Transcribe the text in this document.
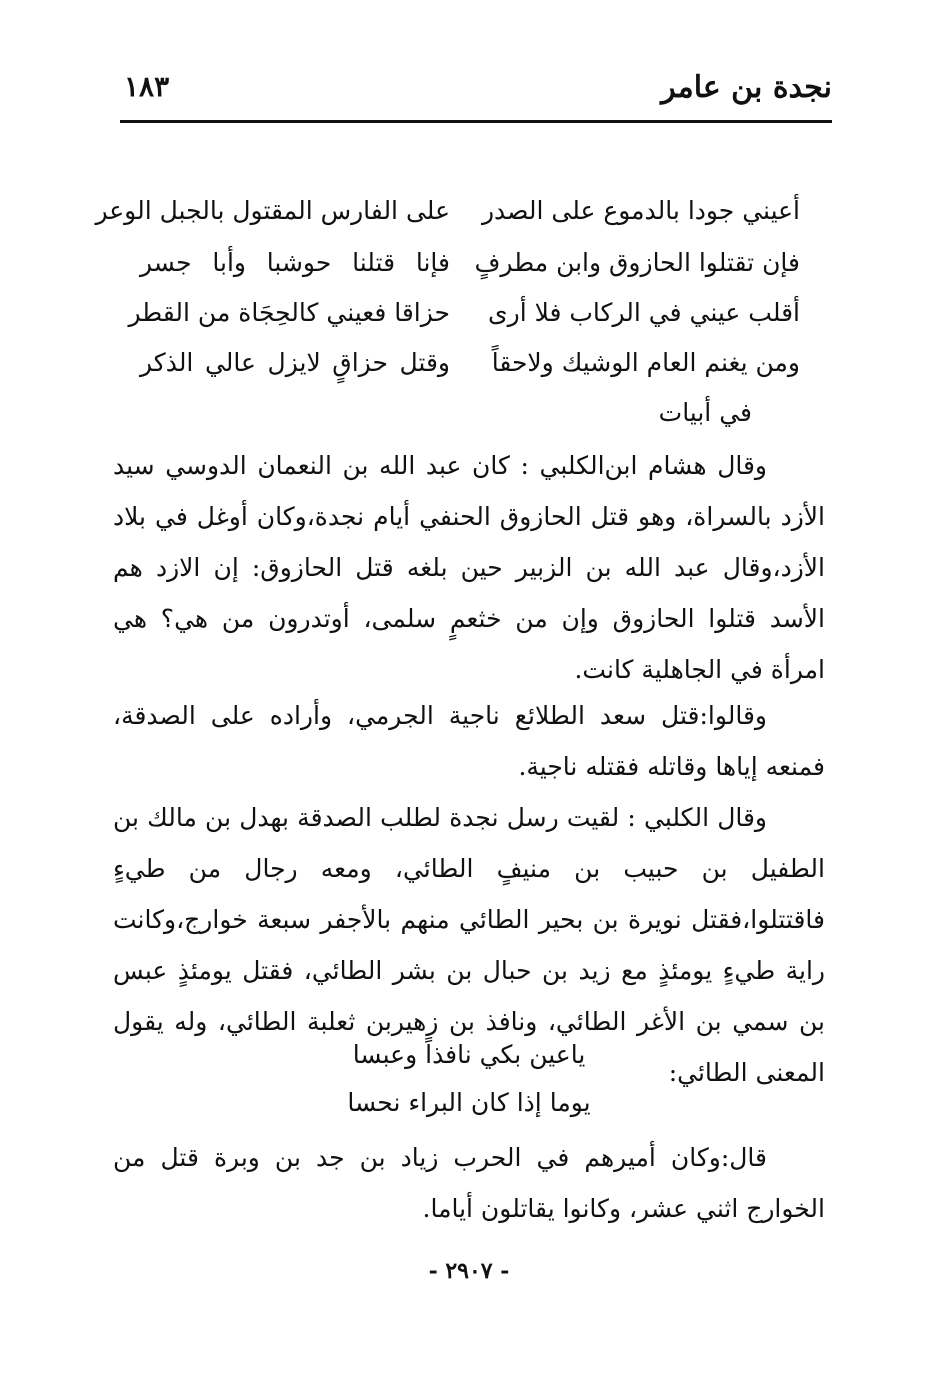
نجدة بن عامر
١٨٣
أعيني جودا بالدموع على الصدر
على الفارس المقتول بالجبل الوعر
فإن تقتلوا الحازوق وابن مطرفٍ
فإنا قتلنا حوشبا وأبا جسر
أقلب عيني في الركاب فلا أرى
حزاقا فعيني كالحِجَاة من القطر
ومن يغنم العام الوشيك ولاحقاً
وقتل حزاقٍ لايزل عالي الذكر
في أبيات
وقال هشام ابن‌الكلبي : كان عبد الله بن النعمان الدوسي سيد الأزد بالسراة، وهو قتل الحازوق الحنفي أيام نجدة،وكان أوغل في بلاد الأزد،وقال عبد الله بن الزبير حين بلغه قتل الحازوق: إن الازد هم الأسد قتلوا الحازوق وإن من خثعمٍ سلمى، أوتدرون من هي؟ هي امرأة في الجاهلية كانت.
وقالوا:قتل سعد الطلائع ناجية الجرمي، وأراده على الصدقة، فمنعه إياها وقاتله فقتله ناجية.
وقال الكلبي : لقيت رسل نجدة لطلب الصدقة بهدل بن مالك بن الطفيل بن حبيب بن منيفٍ الطائي، ومعه رجال من طيءٍ فاقتتلوا،فقتل نويرة بن بحير الطائي منهم بالأجفر سبعة خوارج،وكانت راية طيءٍ يومئذٍ مع زيد بن حبال بن بشر الطائي، فقتل يومئذٍ عبس بن سمي بن الأغر الطائي، ونافذ بن زهيربن ثعلبة الطائي، وله يقول المعنى الطائي:
ياعين بكي نافذاً وعبسا
يوما إذا كان البراء نحسا
قال:وكان أميرهم في الحرب زياد بن جد بن وبرة قتل من الخوارج اثني عشر، وكانوا يقاتلون أياما.
- ٢٩٠٧ -
